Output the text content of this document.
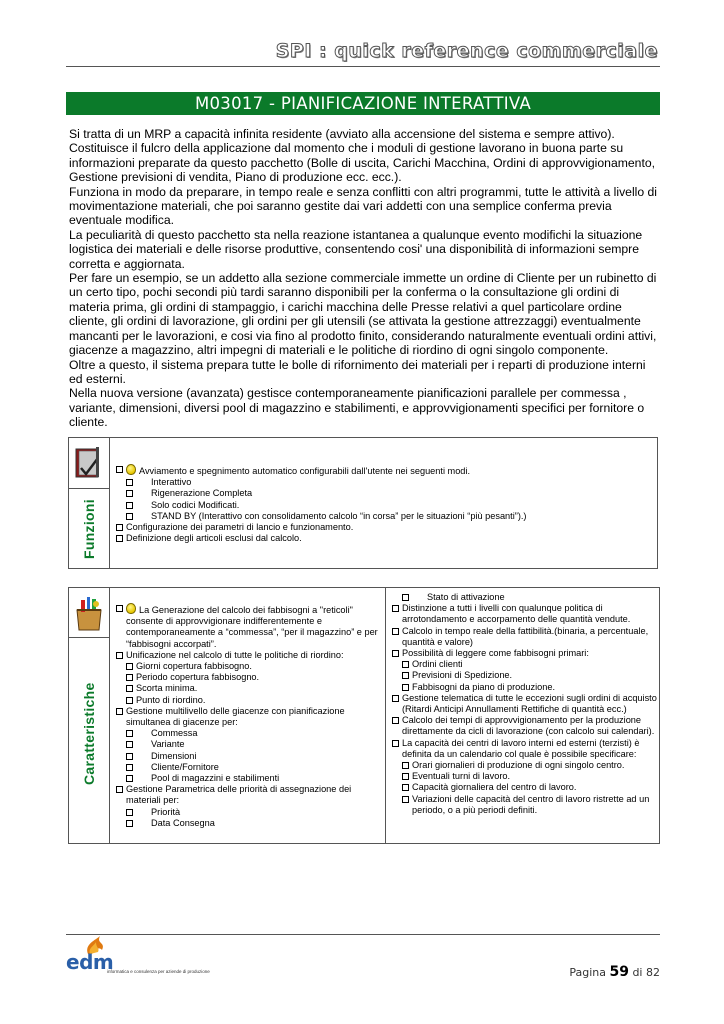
SPI : quick reference commerciale
M03017 - PIANIFICAZIONE INTERATTIVA

Si tratta di un MRP a capacità infinita residente (avviato alla accensione del sistema e sempre attivo).

Costituisce il fulcro della applicazione dal momento che i moduli di gestione lavorano in buona parte su informazioni preparate da questo pacchetto (Bolle di uscita, Carichi Macchina, Ordini di approvvigionamento, Gestione previsioni di vendita, Piano di produzione ecc. ecc.).

Funziona in modo da preparare, in tempo reale e senza conflitti con altri programmi, tutte le attività a livello di movimentazione materiali, che poi saranno gestite dai vari addetti con una semplice conferma previa eventuale modifica.

La peculiarità di questo pacchetto sta nella reazione istantanea a qualunque evento modifichi la situazione logistica dei materiali e delle risorse produttive, consentendo cosi' una disponibilità di informazioni sempre corretta e aggiornata.

Per fare un esempio, se un addetto alla sezione commerciale immette un ordine di Cliente per un rubinetto di un certo tipo, pochi secondi più tardi saranno disponibili per la conferma o la consultazione gli ordini di materia prima, gli ordini di stampaggio, i carichi macchina delle Presse relativi a quel particolare ordine cliente, gli ordini di lavorazione, gli ordini per gli utensili (se attivata la gestione attrezzaggi) eventualmente mancanti per le lavorazioni, e cosi via fino al prodotto finito, considerando naturalmente eventuali ordini attivi, giacenze a magazzino, altri impegni di materiali e le politiche di riordino di ogni singolo componente.

Oltre a questo, il sistema prepara tutte le bolle di rifornimento dei materiali per i reparti di produzione interni ed esterni.

Nella nuova versione (avanzata) gestisce contemporaneamente pianificazioni parallele per commessa , variante, dimensioni, diversi pool di magazzino e stabilimenti, e approvvigionamenti specifici per fornitore o cliente.

Funzioni
Avviamento e spegnimento automatico configurabili dall'utente nei seguenti modi.
Interattivo
Rigenerazione Completa
Solo codici Modificati.
STAND BY (Interattivo con consolidamento calcolo “in corsa” per le situazioni “più pesanti”).)
Configurazione dei parametri di lancio e funzionamento.
Definizione degli articoli esclusi dal calcolo.
Caratteristiche
La Generazione del calcolo dei fabbisogni a "reticoli" consente di approvvigionare indifferentemente e contemporaneamente a “commessa”, “per il magazzino” e per “fabbisogni accorpati”.
Unificazione nel calcolo di tutte le politiche di riordino:
Giorni copertura fabbisogno.
Periodo copertura fabbisogno.
Scorta minima.
Punto di riordino.
Gestione multilivello delle giacenze con pianificazione simultanea di giacenze per:
Commessa
Variante
Dimensioni
Cliente/Fornitore
Pool di magazzini e stabilimenti
Gestione Parametrica delle priorità di assegnazione dei materiali per:
Priorità
Data Consegna
Stato di attivazione
Distinzione a tutti i livelli con qualunque politica di arrotondamento e accorpamento delle quantità vendute.
Calcolo in tempo reale della fattibilità.(binaria, a percentuale, quantità e valore)
Possibilità di leggere come fabbisogni primari:
Ordini clienti
Previsioni di Spedizione.
Fabbisogni da piano di produzione.
Gestione telematica di tutte le eccezioni sugli ordini di acquisto (Ritardi Anticipi Annullamenti Rettifiche di quantità ecc.)
Calcolo dei tempi di approvvigionamento per la produzione direttamente da cicli di lavorazione (con calcolo sui calendari).
La capacità dei centri di lavoro interni ed esterni (terzisti) è definita da un calendario col quale è possibile specificare:
Orari giornalieri di produzione di ogni singolo centro.
Eventuali turni di lavoro.
Capacità giornaliera del centro di lavoro.
Variazioni delle capacità del centro di lavoro ristrette ad un periodo, o a più periodi definiti.
edm
informatica e consulenza per aziende di produzione	Pagina 59 di 82
